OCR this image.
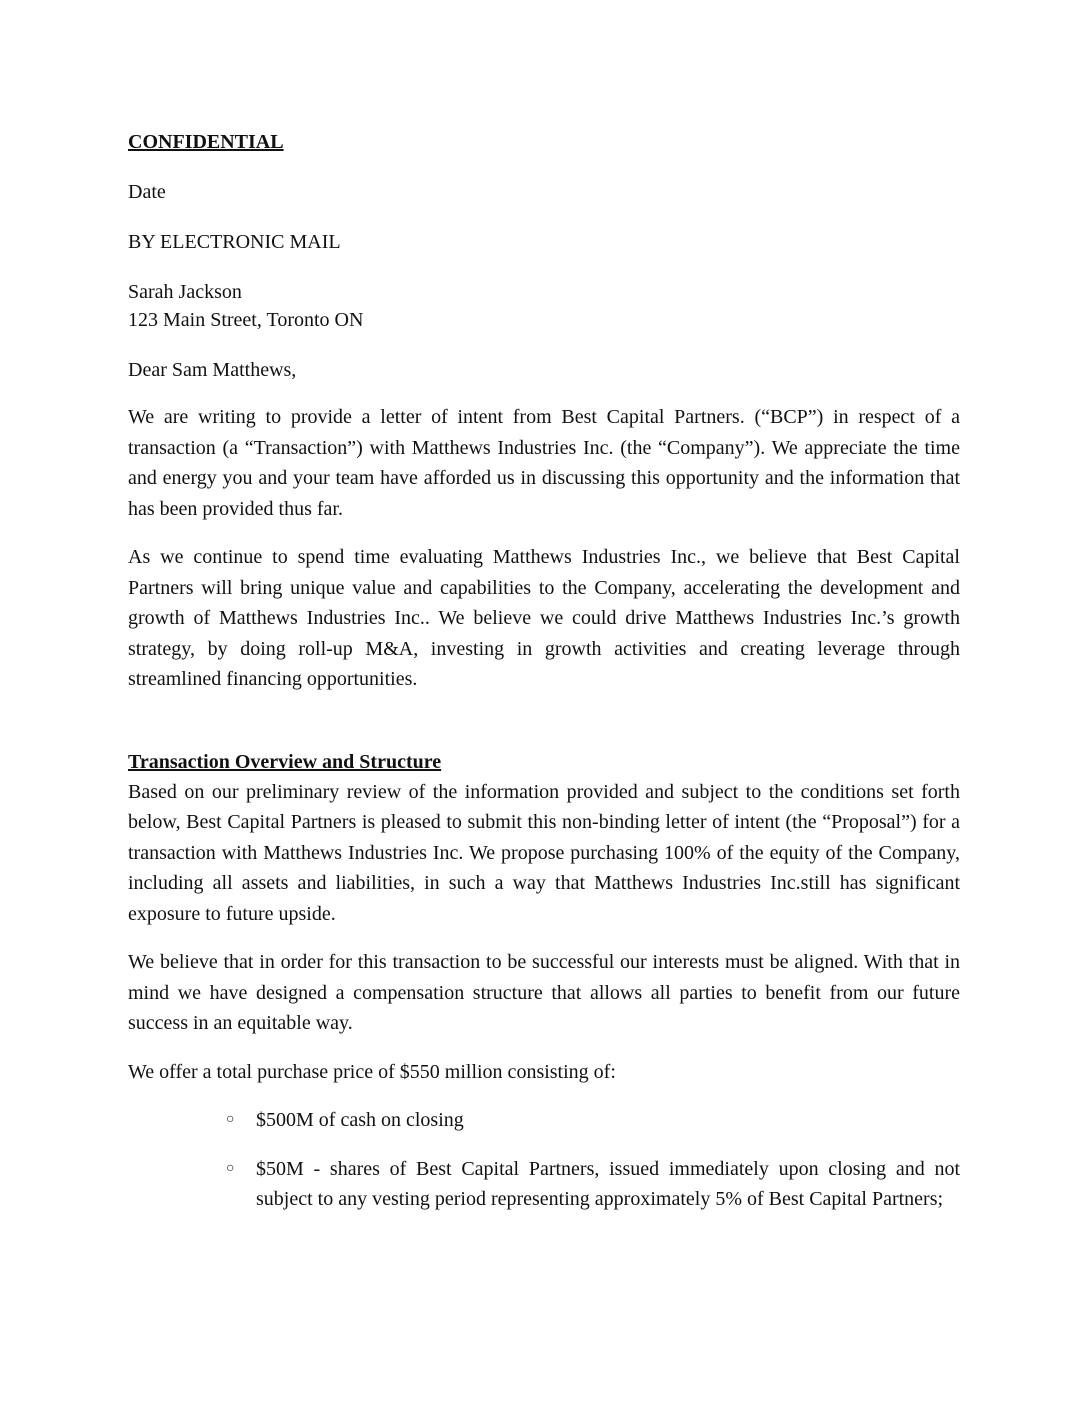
CONFIDENTIAL
Date
BY ELECTRONIC MAIL
Sarah Jackson
123 Main Street, Toronto ON
Dear Sam Matthews,

We are writing to provide a letter of intent from Best Capital Partners. (“BCP”) in respect of a transaction (a “Transaction”) with Matthews Industries Inc. (the “Company”). We appreciate the time and energy you and your team have afforded us in discussing this opportunity and the information that has been provided thus far.

As we continue to spend time evaluating Matthews Industries Inc., we believe that Best Capital Partners will bring unique value and capabilities to the Company, accelerating the development and growth of Matthews Industries Inc.. We believe we could drive Matthews Industries Inc.’s growth strategy, by doing roll-up M&A, investing in growth activities and creating leverage through streamlined financing opportunities.

Transaction Overview and Structure

Based on our preliminary review of the information provided and subject to the conditions set forth below, Best Capital Partners is pleased to submit this non-binding letter of intent (the “Proposal”) for a transaction with Matthews Industries Inc. We propose purchasing 100% of the equity of the Company, including all assets and liabilities, in such a way that Matthews Industries Inc.still has significant exposure to future upside.

We believe that in order for this transaction to be successful our interests must be aligned. With that in mind we have designed a compensation structure that allows all parties to benefit from our future success in an equitable way.

We offer a total purchase price of $550 million consisting of:

○ $500M of cash on closing
○ $50M - shares of Best Capital Partners, issued immediately upon closing and not subject to any vesting period representing approximately 5% of Best Capital Partners;
